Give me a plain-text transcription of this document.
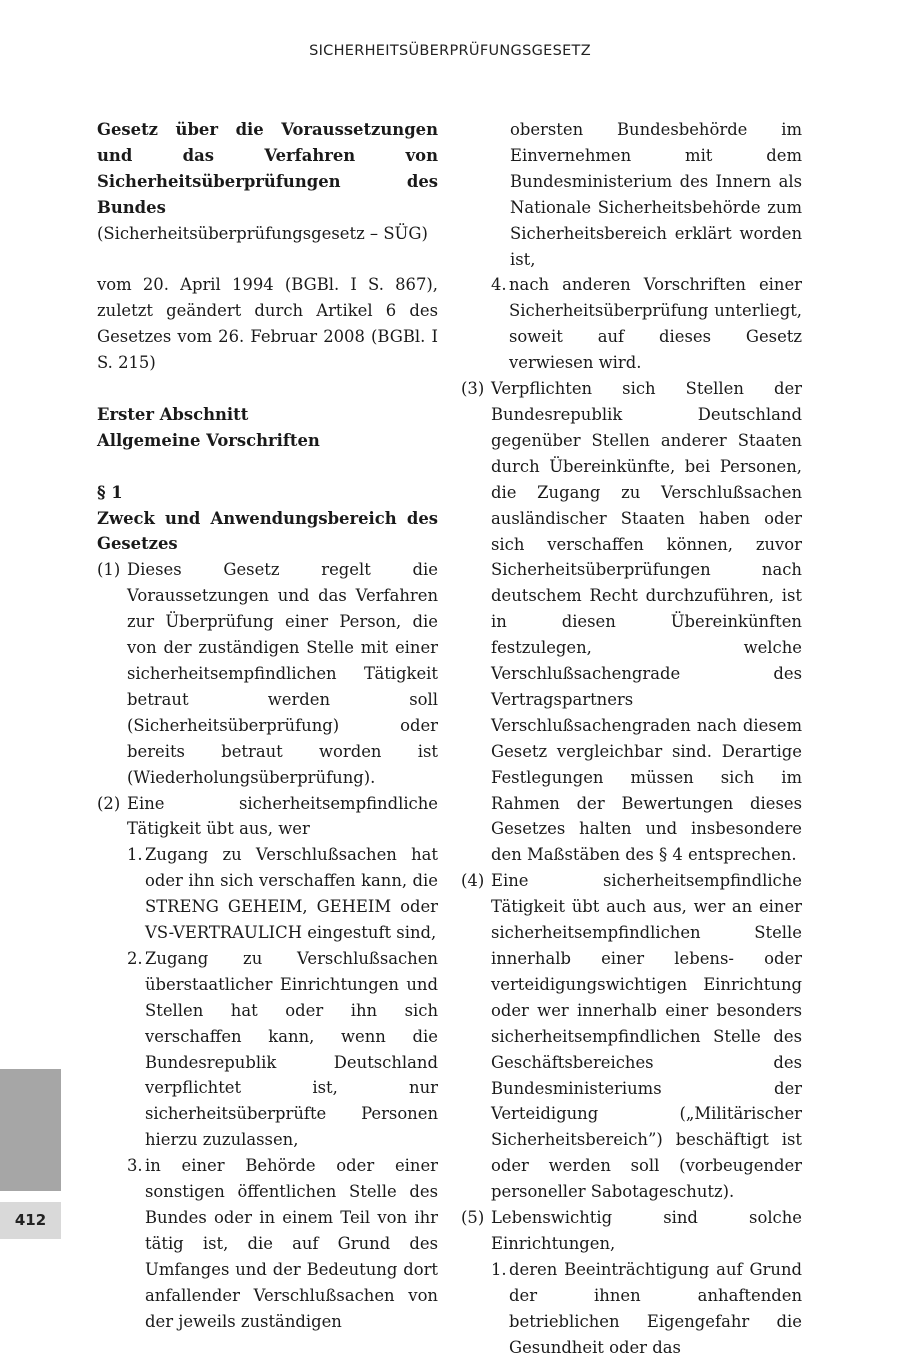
SICHERHEITSÜBERPRÜFUNGSGESETZ
Gesetz über die Voraussetzungen und das Verfahren von Sicherheitsüberprüfungen des Bundes
(Sicherheitsüberprüfungsgesetz – SÜG)
vom 20. April 1994 (BGBl. I S. 867), zuletzt geändert durch Artikel 6 des Gesetzes vom 26. Februar 2008 (BGBl. I S. 215)
Erster Abschnitt
Allgemeine Vorschriften
§ 1
Zweck und Anwendungsbereich des Gesetzes
(1) Dieses Gesetz regelt die Voraussetzungen und das Verfahren zur Überprüfung einer Person, die von der zuständigen Stelle mit einer sicherheitsempfindlichen Tätigkeit betraut werden soll (Sicherheitsüberprüfung) oder bereits betraut worden ist (Wiederholungsüberprüfung).
(2) Eine sicherheitsempfindliche Tätigkeit übt aus, wer
1. Zugang zu Verschlußsachen hat oder ihn sich verschaffen kann, die STRENG GEHEIM, GEHEIM oder VS-VERTRAULICH eingestuft sind,
2. Zugang zu Verschlußsachen überstaatlicher Einrichtungen und Stellen hat oder ihn sich verschaffen kann, wenn die Bundesrepublik Deutschland verpflichtet ist, nur sicherheitsüberprüfte Personen hierzu zuzulassen,
3. in einer Behörde oder einer sonstigen öffentlichen Stelle des Bundes oder in einem Teil von ihr tätig ist, die auf Grund des Umfanges und der Bedeutung dort anfallender Verschlußsachen von der jeweils zuständigen
obersten Bundesbehörde im Einvernehmen mit dem Bundesministerium des Innern als Nationale Sicherheitsbehörde zum Sicherheitsbereich erklärt worden ist,
4. nach anderen Vorschriften einer Sicherheitsüberprüfung unterliegt, soweit auf dieses Gesetz verwiesen wird.
(3) Verpflichten sich Stellen der Bundesrepublik Deutschland gegenüber Stellen anderer Staaten durch Übereinkünfte, bei Personen, die Zugang zu Verschlußsachen ausländischer Staaten haben oder sich verschaffen können, zuvor Sicherheitsüberprüfungen nach deutschem Recht durchzuführen, ist in diesen Übereinkünften festzulegen, welche Verschlußsachengrade des Vertragspartners Verschlußsachengraden nach diesem Gesetz vergleichbar sind. Derartige Festlegungen müssen sich im Rahmen der Bewertungen dieses Gesetzes halten und insbesondere den Maßstäben des § 4 entsprechen.
(4) Eine sicherheitsempfindliche Tätigkeit übt auch aus, wer an einer sicherheitsempfindlichen Stelle innerhalb einer lebens- oder verteidigungswichtigen Einrichtung oder wer innerhalb einer besonders sicherheitsempfindlichen Stelle des Geschäftsbereiches des Bundesministeriums der Verteidigung („Militärischer Sicherheitsbereich”) beschäftigt ist oder werden soll (vorbeugender personeller Sabotageschutz).
(5) Lebenswichtig sind solche Einrichtungen,
1. deren Beeinträchtigung auf Grund der ihnen anhaftenden betrieblichen Eigengefahr die Gesundheit oder das
412
